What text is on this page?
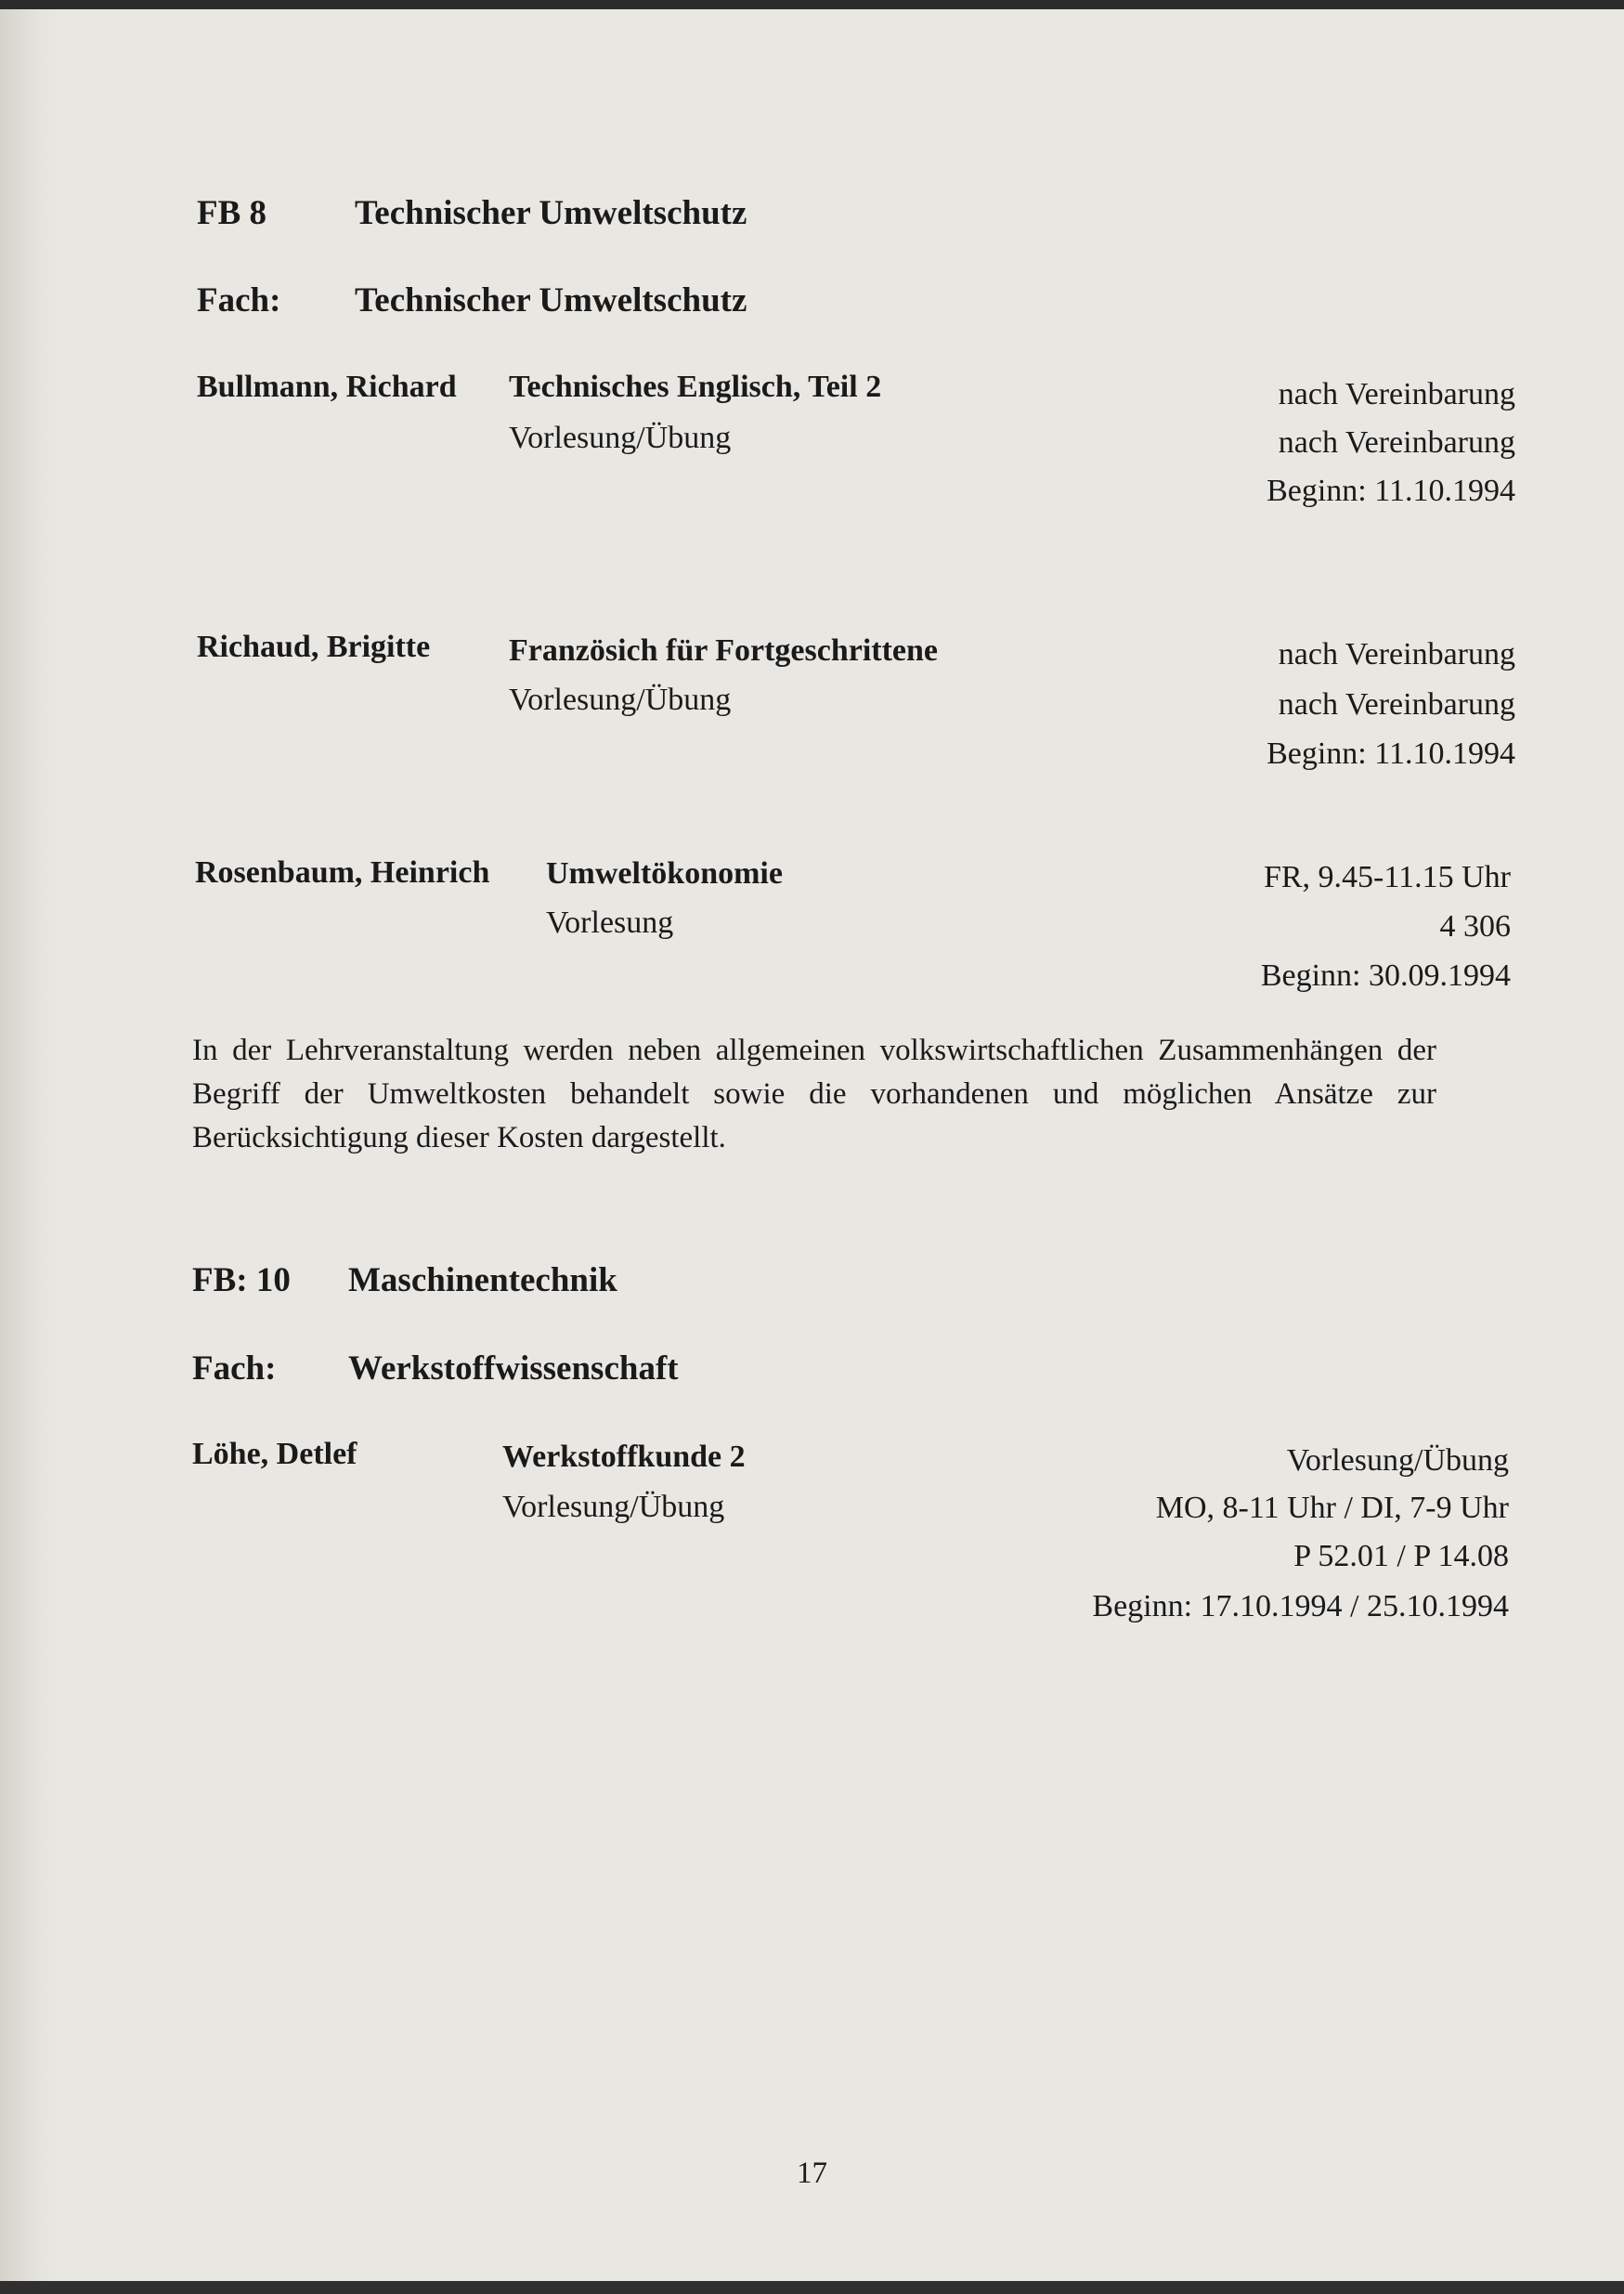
FB 8	Technischer Umweltschutz
Fach: Technischer Umweltschutz
Bullmann, Richard Technisches Englisch, Teil 2
Vorlesung/Übung
nach Vereinbarung
nach Vereinbarung
Beginn: 11.10.1994
Richaud, Brigitte Französich für Fortgeschrittene
Vorlesung/Übung
nach Vereinbarung
nach Vereinbarung
Beginn: 11.10.1994
Rosenbaum, Heinrich Umweltökonomie
Vorlesung
FR, 9.45-11.15 Uhr
4 306
Beginn: 30.09.1994
In der Lehrveranstaltung werden neben allgemeinen volkswirtschaftlichen Zusammenhängen der Begriff der Umweltkosten behandelt sowie die vorhandenen und möglichen Ansätze zur Berücksichtigung dieser Kosten dargestellt.
FB: 10 Maschinentechnik
Fach: Werkstoffwissenschaft
Löhe, Detlef	Werkstoffkunde 2
Vorlesung/Übung
Vorlesung/Übung
MO, 8-11 Uhr / DI, 7-9 Uhr
P 52.01 / P 14.08
Beginn: 17.10.1994 / 25.10.1994
17
